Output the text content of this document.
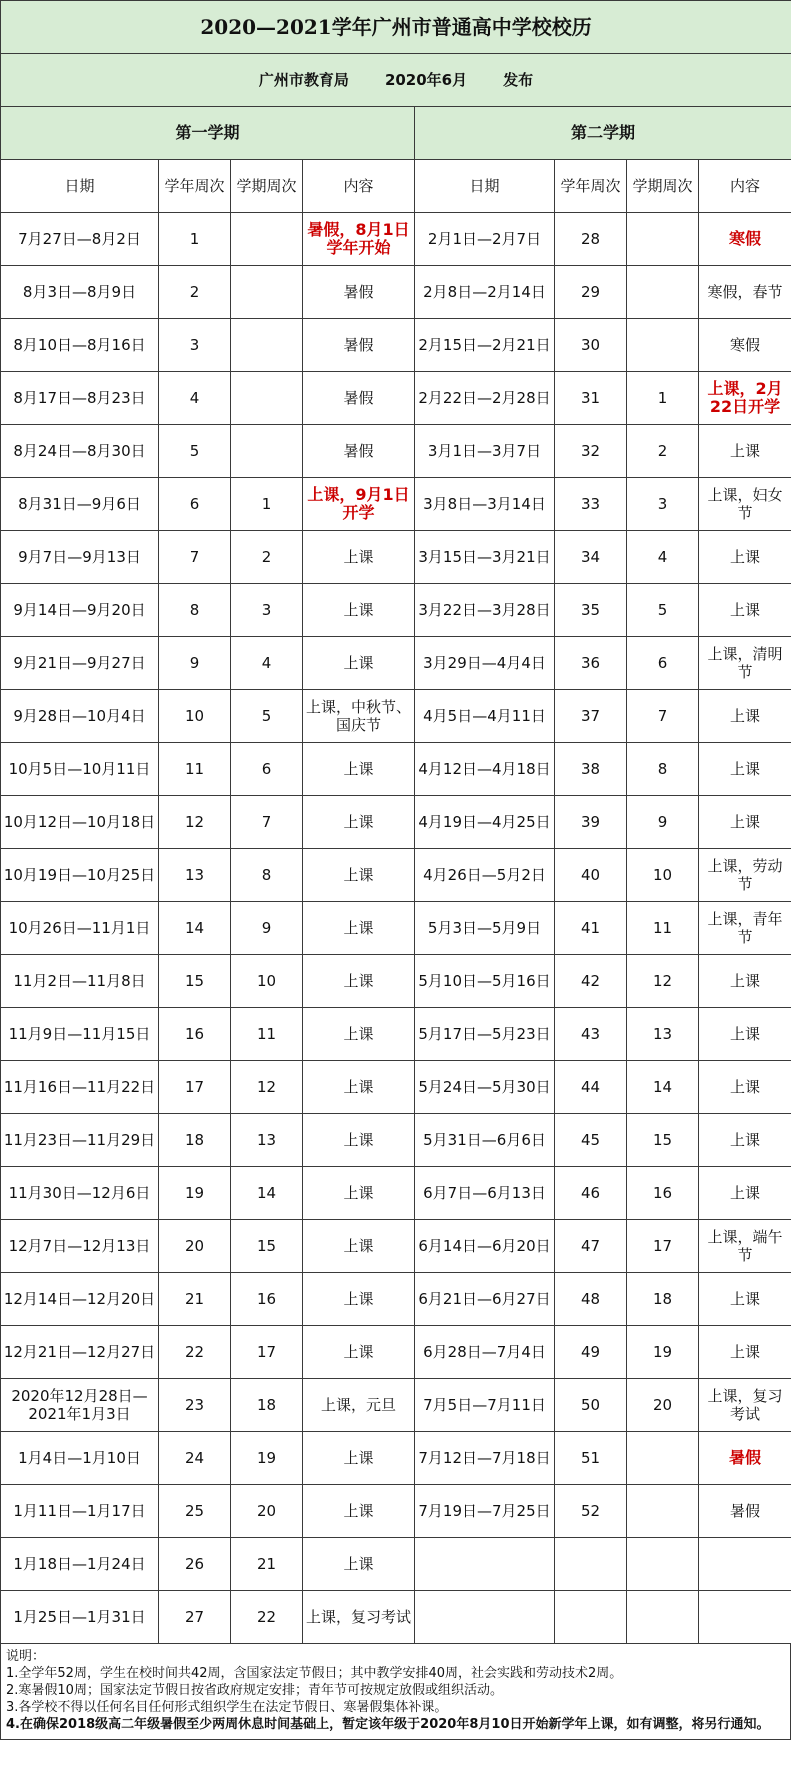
2020—2021学年广州市普通高中学校校历							
广州市教育局 2020年6月 发布							
第一学期				第二学期			
日期	学年周次	学期周次	内容	日期	学年周次	学期周次	内容
7月27日—8月2日	1		暑假，8月1日学年开始	2月1日—2月7日	28		寒假
8月3日—8月9日	2		暑假	2月8日—2月14日	29		寒假，春节
8月10日—8月16日	3		暑假	2月15日—2月21日	30		寒假
8月17日—8月23日	4		暑假	2月22日—2月28日	31	1	上课，2月22日开学
8月24日—8月30日	5		暑假	3月1日—3月7日	32	2	上课
8月31日—9月6日	6	1	上课，9月1日开学	3月8日—3月14日	33	3	上课，妇女节
9月7日—9月13日	7	2	上课	3月15日—3月21日	34	4	上课
9月14日—9月20日	8	3	上课	3月22日—3月28日	35	5	上课
9月21日—9月27日	9	4	上课	3月29日—4月4日	36	6	上课，清明节
9月28日—10月4日	10	5	上课，中秋节、国庆节	4月5日—4月11日	37	7	上课
10月5日—10月11日	11	6	上课	4月12日—4月18日	38	8	上课
10月12日—10月18日	12	7	上课	4月19日—4月25日	39	9	上课
10月19日—10月25日	13	8	上课	4月26日—5月2日	40	10	上课，劳动节
10月26日—11月1日	14	9	上课	5月3日—5月9日	41	11	上课，青年节
11月2日—11月8日	15	10	上课	5月10日—5月16日	42	12	上课
11月9日—11月15日	16	11	上课	5月17日—5月23日	43	13	上课
11月16日—11月22日	17	12	上课	5月24日—5月30日	44	14	上课
11月23日—11月29日	18	13	上课	5月31日—6月6日	45	15	上课
11月30日—12月6日	19	14	上课	6月7日—6月13日	46	16	上课
12月7日—12月13日	20	15	上课	6月14日—6月20日	47	17	上课，端午节
12月14日—12月20日	21	16	上课	6月21日—6月27日	48	18	上课
12月21日—12月27日	22	17	上课	6月28日—7月4日	49	19	上课
2020年12月28日—2021年1月3日	23	18	上课，元旦	7月5日—7月11日	50	20	上课，复习考试
1月4日—1月10日	24	19	上课	7月12日—7月18日	51		暑假
1月11日—1月17日	25	20	上课	7月19日—7月25日	52		暑假
1月18日—1月24日	26	21	上课				
1月25日—1月31日	27	22	上课，复习考试				
说明：
1.全学年52周，学生在校时间共42周，含国家法定节假日；其中教学安排40周，社会实践和劳动技术2周。
2.寒暑假10周；国家法定节假日按省政府规定安排；青年节可按规定放假或组织活动。
3.各学校不得以任何名目任何形式组织学生在法定节假日、寒暑假集体补课。
4.在确保2018级高二年级暑假至少两周休息时间基础上，暂定该年级于2020年8月10日开始新学年上课，如有调整，将另行通知。
